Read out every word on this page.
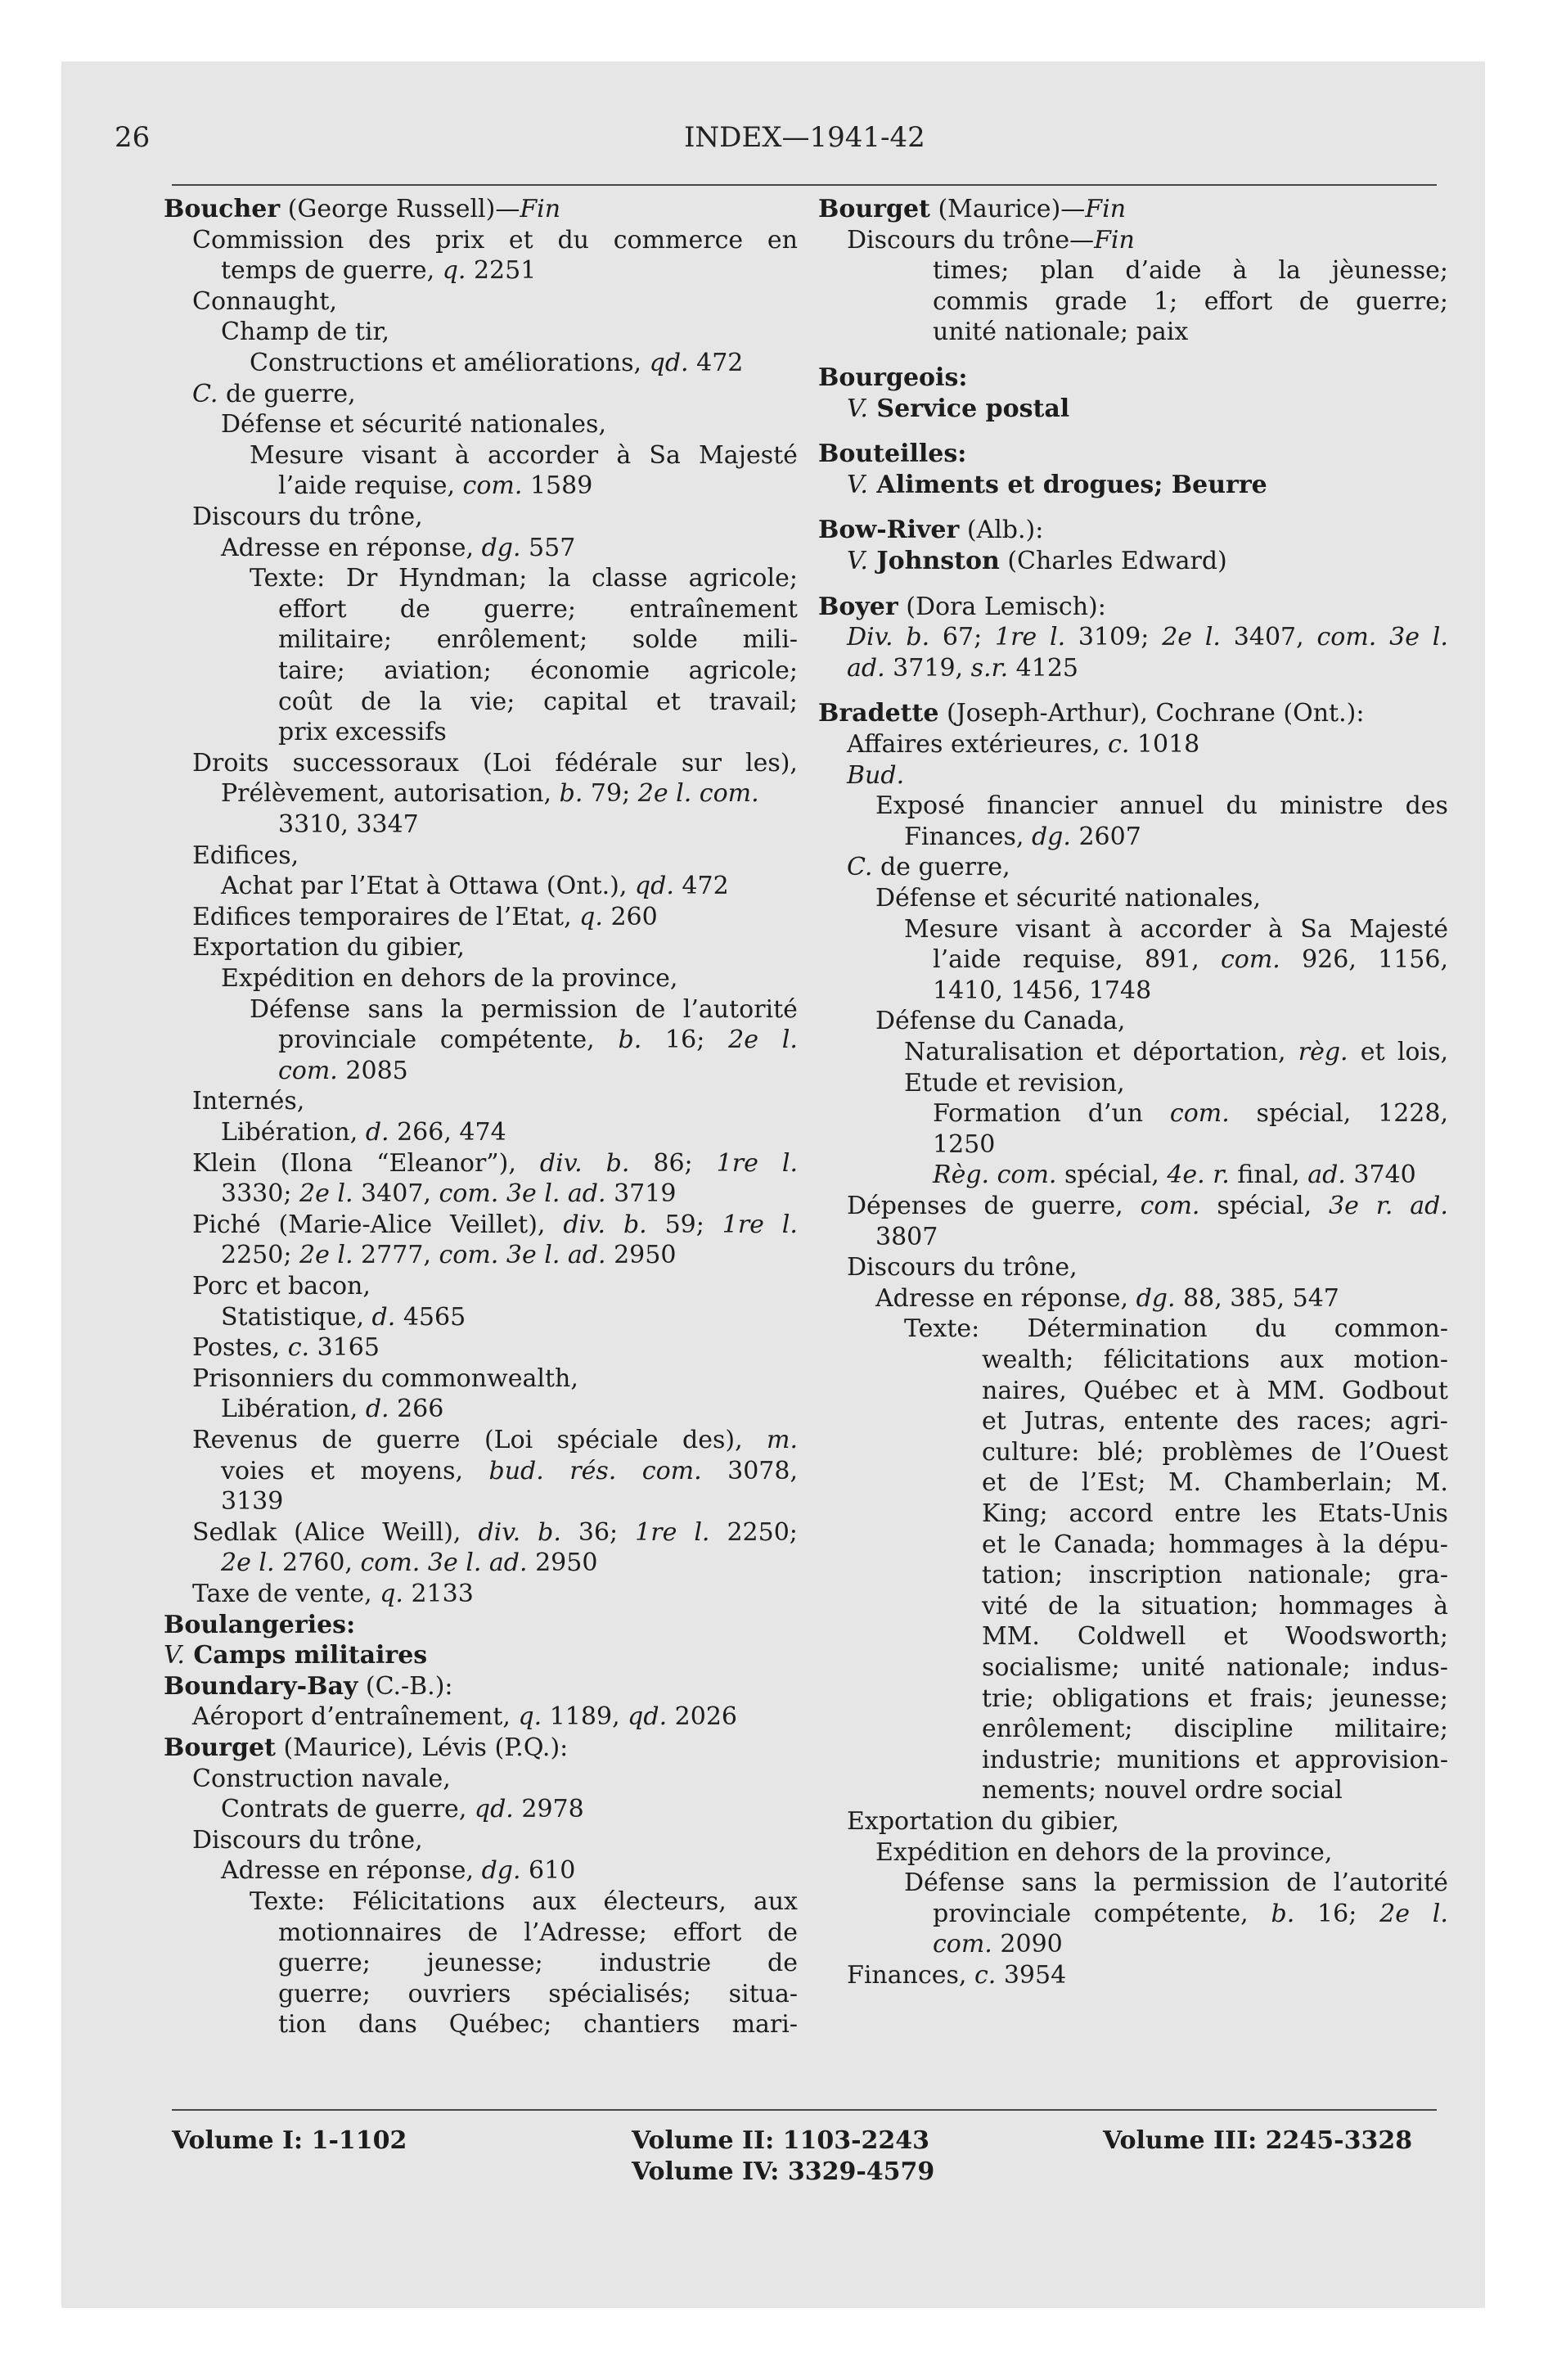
26	INDEX—1941-42
Boucher (George Russell)—Fin
Commission des prix et du commerce en
temps de guerre, q. 2251
Connaught,
Champ de tir,
Constructions et améliorations, qd. 472
C. de guerre,
Défense et sécurité nationales,
Mesure visant à accorder à Sa Majesté
l’aide requise, com. 1589
Discours du trône,
Adresse en réponse, dg. 557
Texte: Dr Hyndman; la classe agricole;
effort de guerre; entraînement
militaire; enrôlement; solde mili-
taire; aviation; économie agricole;
coût de la vie; capital et travail;
prix excessifs
Droits successoraux (Loi fédérale sur les),
Prélèvement, autorisation, b. 79; 2e l. com.
3310, 3347
Edifices,
Achat par l’Etat à Ottawa (Ont.), qd. 472
Edifices temporaires de l’Etat, q. 260
Exportation du gibier,
Expédition en dehors de la province,
Défense sans la permission de l’autorité
provinciale compétente, b. 16; 2e l.
com. 2085
Internés,
Libération, d. 266, 474
Klein (Ilona “Eleanor”), div. b. 86; 1re l.
3330; 2e l. 3407, com. 3e l. ad. 3719
Piché (Marie-Alice Veillet), div. b. 59; 1re l.
2250; 2e l. 2777, com. 3e l. ad. 2950
Porc et bacon,
Statistique, d. 4565
Postes, c. 3165
Prisonniers du commonwealth,
Libération, d. 266
Revenus de guerre (Loi spéciale des), m.
voies et moyens, bud. rés. com. 3078,
3139
Sedlak (Alice Weill), div. b. 36; 1re l. 2250;
2e l. 2760, com. 3e l. ad. 2950
Taxe de vente, q. 2133
Boulangeries:
V. Camps militaires
Boundary-Bay (C.-B.):
Aéroport d’entraînement, q. 1189, qd. 2026
Bourget (Maurice), Lévis (P.Q.):
Construction navale,
Contrats de guerre, qd. 2978
Discours du trône,
Adresse en réponse, dg. 610
Texte: Félicitations aux électeurs, aux
motionnaires de l’Adresse; effort de
guerre; jeunesse; industrie de
guerre; ouvriers spécialisés; situa-
tion dans Québec; chantiers mari-
Bourget (Maurice)—Fin
Discours du trône—Fin
times; plan d’aide à la jèunesse;
commis grade 1; effort de guerre;
unité nationale; paix
Bourgeois:
V. Service postal
Bouteilles:
V. Aliments et drogues; Beurre
Bow-River (Alb.):
V. Johnston (Charles Edward)
Boyer (Dora Lemisch):
Div. b. 67; 1re l. 3109; 2e l. 3407, com. 3e l.
ad. 3719, s.r. 4125
Bradette (Joseph-Arthur), Cochrane (Ont.):
Affaires extérieures, c. 1018
Bud.
Exposé financier annuel du ministre des
Finances, dg. 2607
C. de guerre,
Défense et sécurité nationales,
Mesure visant à accorder à Sa Majesté
l’aide requise, 891, com. 926, 1156,
1410, 1456, 1748
Défense du Canada,
Naturalisation et déportation, règ. et lois,
Etude et revision,
Formation d’un com. spécial, 1228,
1250
Règ. com. spécial, 4e. r. final, ad. 3740
Dépenses de guerre, com. spécial, 3e r. ad.
3807
Discours du trône,
Adresse en réponse, dg. 88, 385, 547
Texte: Détermination du common-
wealth; félicitations aux motion-
naires, Québec et à MM. Godbout
et Jutras, entente des races; agri-
culture: blé; problèmes de l’Ouest
et de l’Est; M. Chamberlain; M.
King; accord entre les Etats-Unis
et le Canada; hommages à la dépu-
tation; inscription nationale; gra-
vité de la situation; hommages à
MM. Coldwell et Woodsworth;
socialisme; unité nationale; indus-
trie; obligations et frais; jeunesse;
enrôlement; discipline militaire;
industrie; munitions et approvision-
nements; nouvel ordre social
Exportation du gibier,
Expédition en dehors de la province,
Défense sans la permission de l’autorité
provinciale compétente, b. 16; 2e l.
com. 2090
Finances, c. 3954
Volume I: 1-1102	Volume II: 1103-2243
Volume IV: 3329-4579
Volume III: 2245-3328
